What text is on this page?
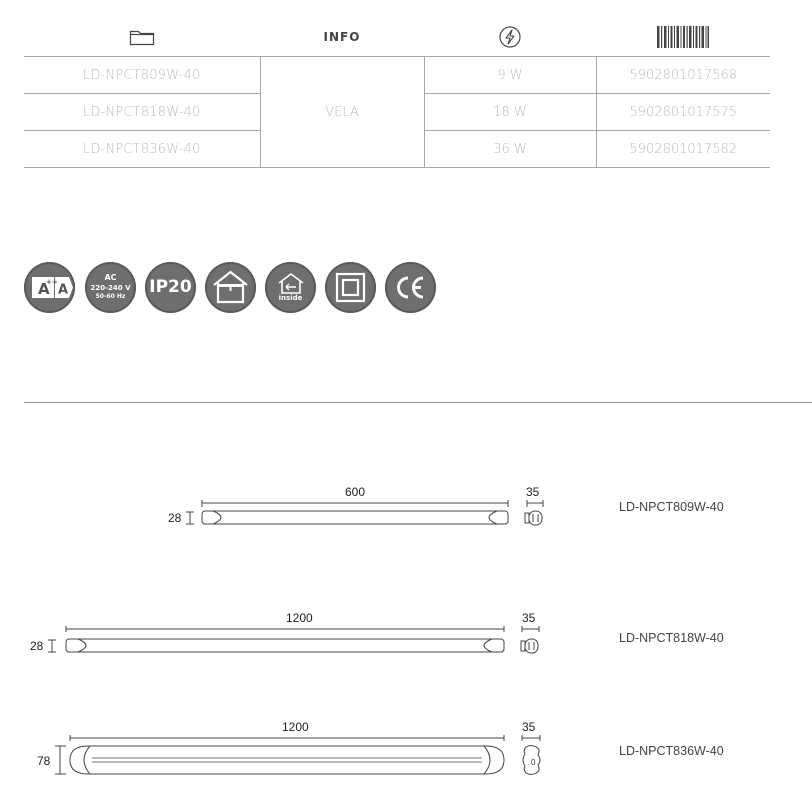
	INFO		
LD-NPCT809W-40	VELA	9 W	5902801017568
LD-NPCT818W-40		18 W	5902801017575
LD-NPCT836W-40		36 W	5902801017582
A
++
A
AC
220-240 V
50-60 Hz
IP20
inside
0
600	35
28
LD-NPCT809W-40
1200	35
28
LD-NPCT818W-40
1200	35
78
LD-NPCT836W-40
